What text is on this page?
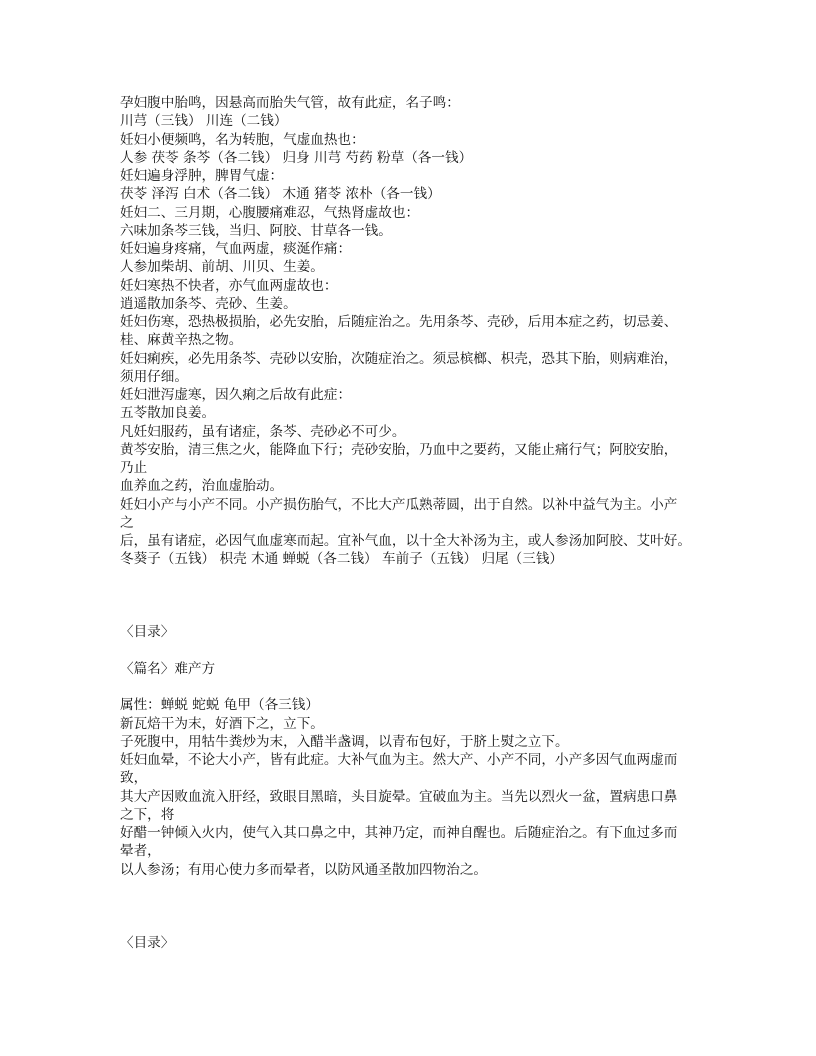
孕妇腹中胎鸣，因悬高而胎失气管，故有此症，名子鸣：
川芎（三钱） 川连（二钱）
妊妇小便频鸣，名为转胞，气虚血热也：
人参 茯苓 条芩（各二钱） 归身 川芎 芍药 粉草（各一钱）
妊妇遍身浮肿，脾胃气虚：
茯苓 泽泻 白术（各二钱） 木通 猪苓 浓朴（各一钱）
妊妇二、三月期，心腹腰痛难忍，气热肾虚故也：
六味加条芩三钱，当归、阿胶、甘草各一钱。
妊妇遍身疼痛，气血两虚，痰涎作痛：
人参加柴胡、前胡、川贝、生姜。
妊妇寒热不快者，亦气血两虚故也：
逍遥散加条芩、壳砂、生姜。
妊妇伤寒，恐热极损胎，必先安胎，后随症治之。先用条芩、壳砂，后用本症之药，切忌姜、
桂、麻黄辛热之物。
妊妇痢疾，必先用条芩、壳砂以安胎，次随症治之。须忌槟榔、枳壳，恐其下胎，则病难治，
须用仔细。
妊妇泄泻虚寒，因久痢之后故有此症：
五苓散加良姜。
凡妊妇服药，虽有诸症，条芩、壳砂必不可少。
黄芩安胎，清三焦之火，能降血下行；壳砂安胎，乃血中之要药，又能止痛行气；阿胶安胎，
乃止
血养血之药，治血虚胎动。
妊妇小产与小产不同。小产损伤胎气，不比大产瓜熟蒂圆，出于自然。以补中益气为主。小产
之
后，虽有诸症，必因气血虚寒而起。宜补气血，以十全大补汤为主，或人参汤加阿胶、艾叶好。
冬葵子（五钱） 枳壳 木通 蝉蜕（各二钱） 车前子（五钱） 归尾（三钱）
〈目录〉
〈篇名〉难产方
属性：蝉蜕 蛇蜕 龟甲（各三钱）
新瓦焙干为末，好酒下之，立下。
子死腹中，用牯牛粪炒为末，入醋半盏调，以青布包好，于脐上熨之立下。
妊妇血晕，不论大小产，皆有此症。大补气血为主。然大产、小产不同，小产多因气血两虚而
致，
其大产因败血流入肝经，致眼目黑暗，头目旋晕。宜破血为主。当先以烈火一盆，置病患口鼻
之下，将
好醋一钟倾入火内，使气入其口鼻之中，其神乃定，而神自醒也。后随症治之。有下血过多而
晕者，
以人参汤；有用心使力多而晕者，以防风通圣散加四物治之。
〈目录〉
